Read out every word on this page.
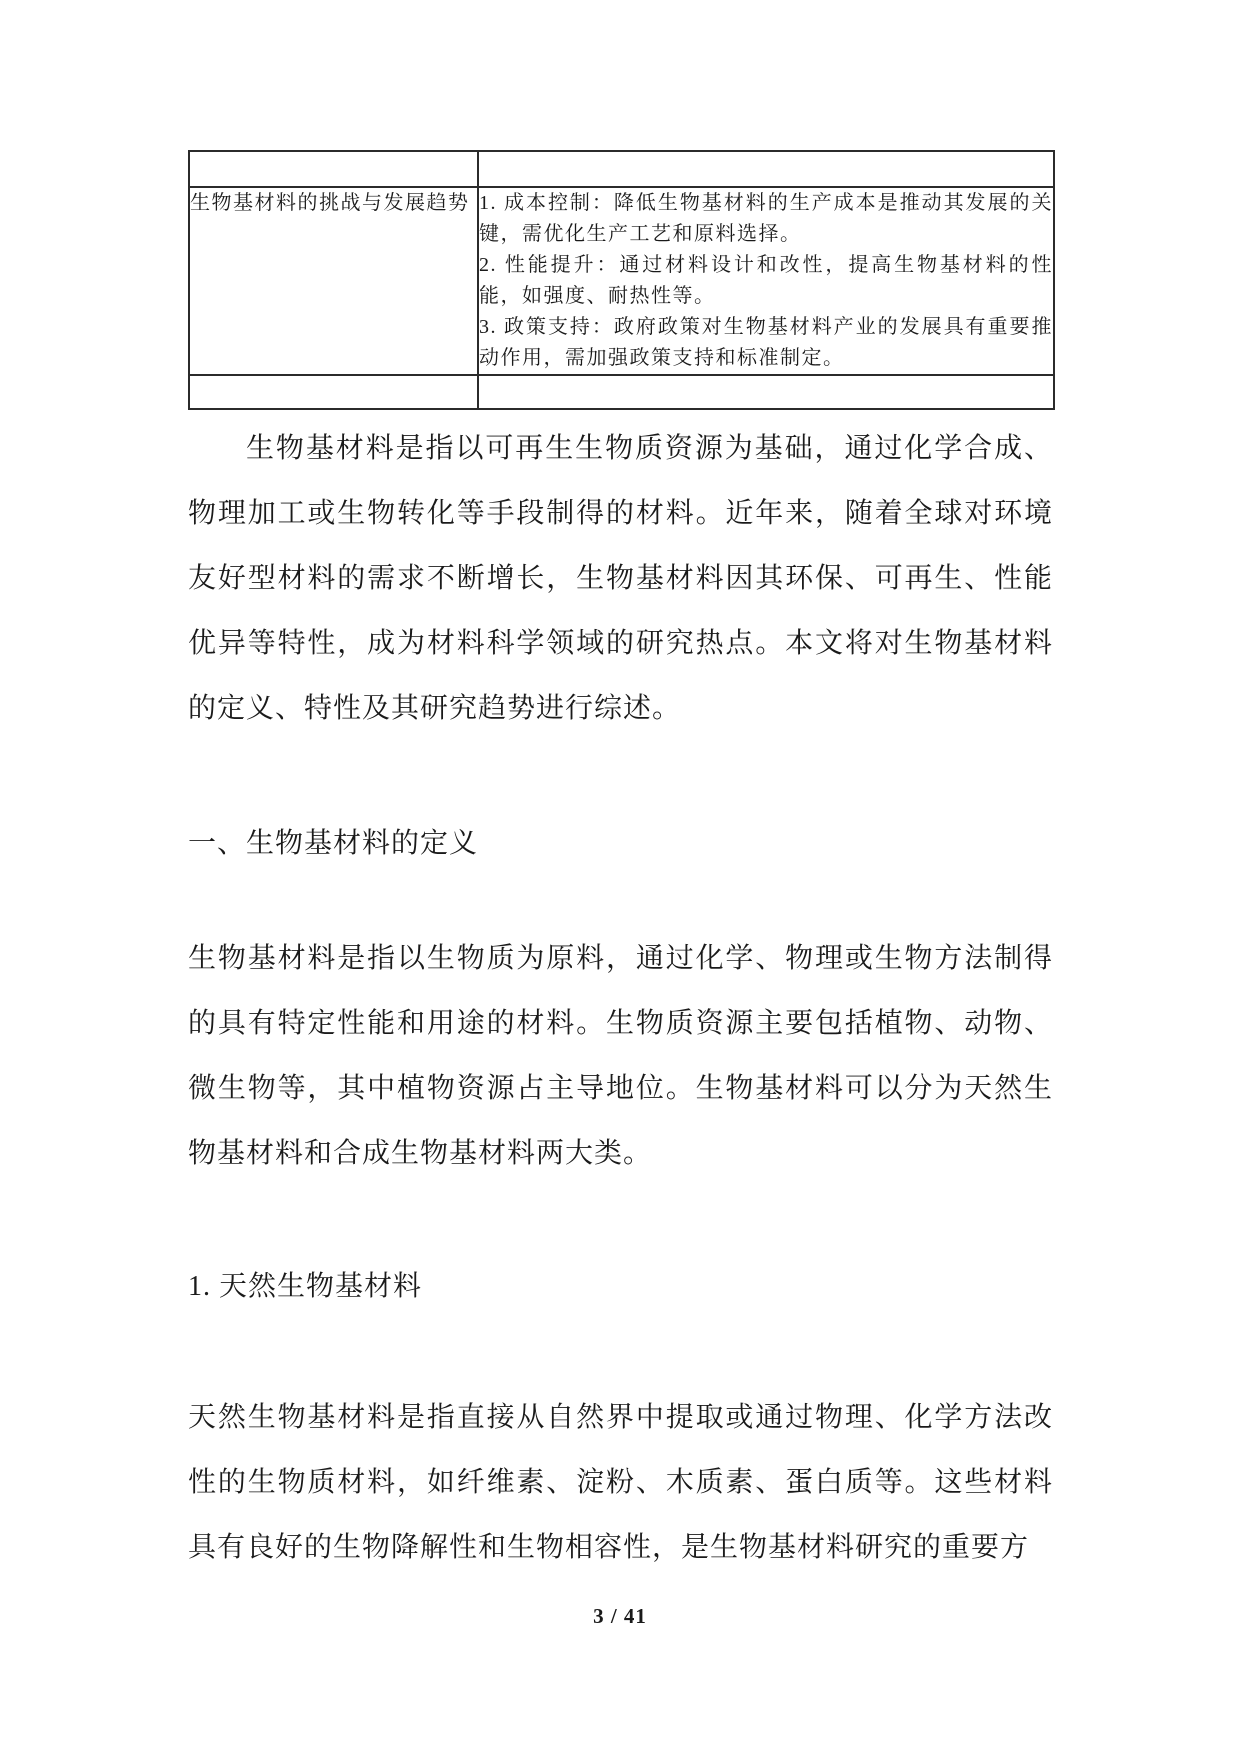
生物基材料的挑战与发展趋势	1. 成本控制：降低生物基材料的生产成本是推动其发展的关键，需优化生产工艺和原料选择。

2. 性能提升：通过材料设计和改性，提高生物基材料的性能，如强度、耐热性等。

3. 政策支持：政府政策对生物基材料产业的发展具有重要推动作用，需加强政策支持和标准制定。

生物基材料是指以可再生生物质资源为基础，通过化学合成、物理加工或生物转化等手段制得的材料。近年来，随着全球对环境友好型材料的需求不断增长，生物基材料因其环保、可再生、性能优异等特性，成为材料科学领域的研究热点。本文将对生物基材料的定义、特性及其研究趋势进行综述。

一、生物基材料的定义

生物基材料是指以生物质为原料，通过化学、物理或生物方法制得的具有特定性能和用途的材料。生物质资源主要包括植物、动物、微生物等，其中植物资源占主导地位。生物基材料可以分为天然生物基材料和合成生物基材料两大类。

1. 天然生物基材料

天然生物基材料是指直接从自然界中提取或通过物理、化学方法改性的生物质材料，如纤维素、淀粉、木质素、蛋白质等。这些材料具有良好的生物降解性和生物相容性，是生物基材料研究的重要方

3 / 41
